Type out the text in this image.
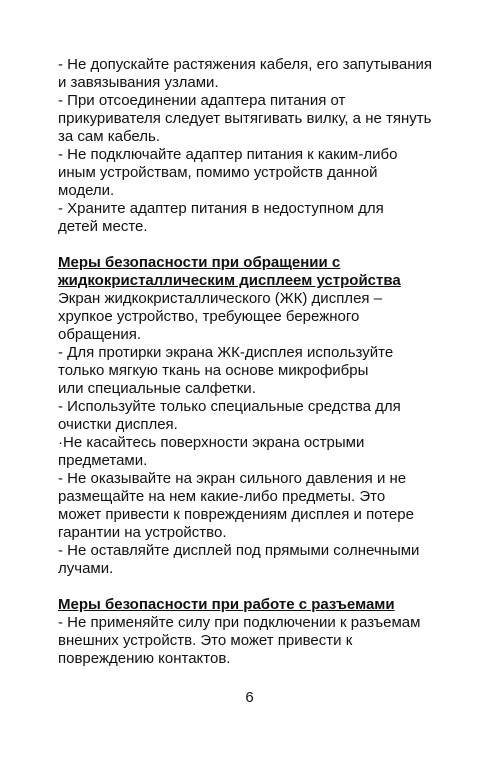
- Не допускайте растяжения кабеля, его запутывания
и завязывания узлами.
- При отсоединении адаптера питания от
прикуривателя следует вытягивать вилку, а не тянуть
за сам кабель.
- Не подключайте адаптер питания к каким-либо
иным устройствам, помимо устройств данной
модели.
- Храните адаптер питания в недоступном для
детей месте.
Меры безопасности при обращении с
жидкокристаллическим дисплеем устройства
Экран жидкокристаллического (ЖК) дисплея –
хрупкое устройство, требующее бережного
обращения.
- Для протирки экрана ЖК-дисплея используйте
только мягкую ткань на основе микрофибры
или специальные салфетки.
- Используйте только специальные средства для
очистки дисплея.
·Не касайтесь поверхности экрана острыми
предметами.
- Не оказывайте на экран сильного давления и не
размещайте на нем какие-либо предметы. Это
может привести к повреждениям дисплея и потере
гарантии на устройство.
- Не оставляйте дисплей под прямыми солнечными
лучами.
Меры безопасности при работе с разъемами
- Не применяйте силу при подключении к разъемам
внешних устройств. Это может привести к
повреждению контактов.
6
